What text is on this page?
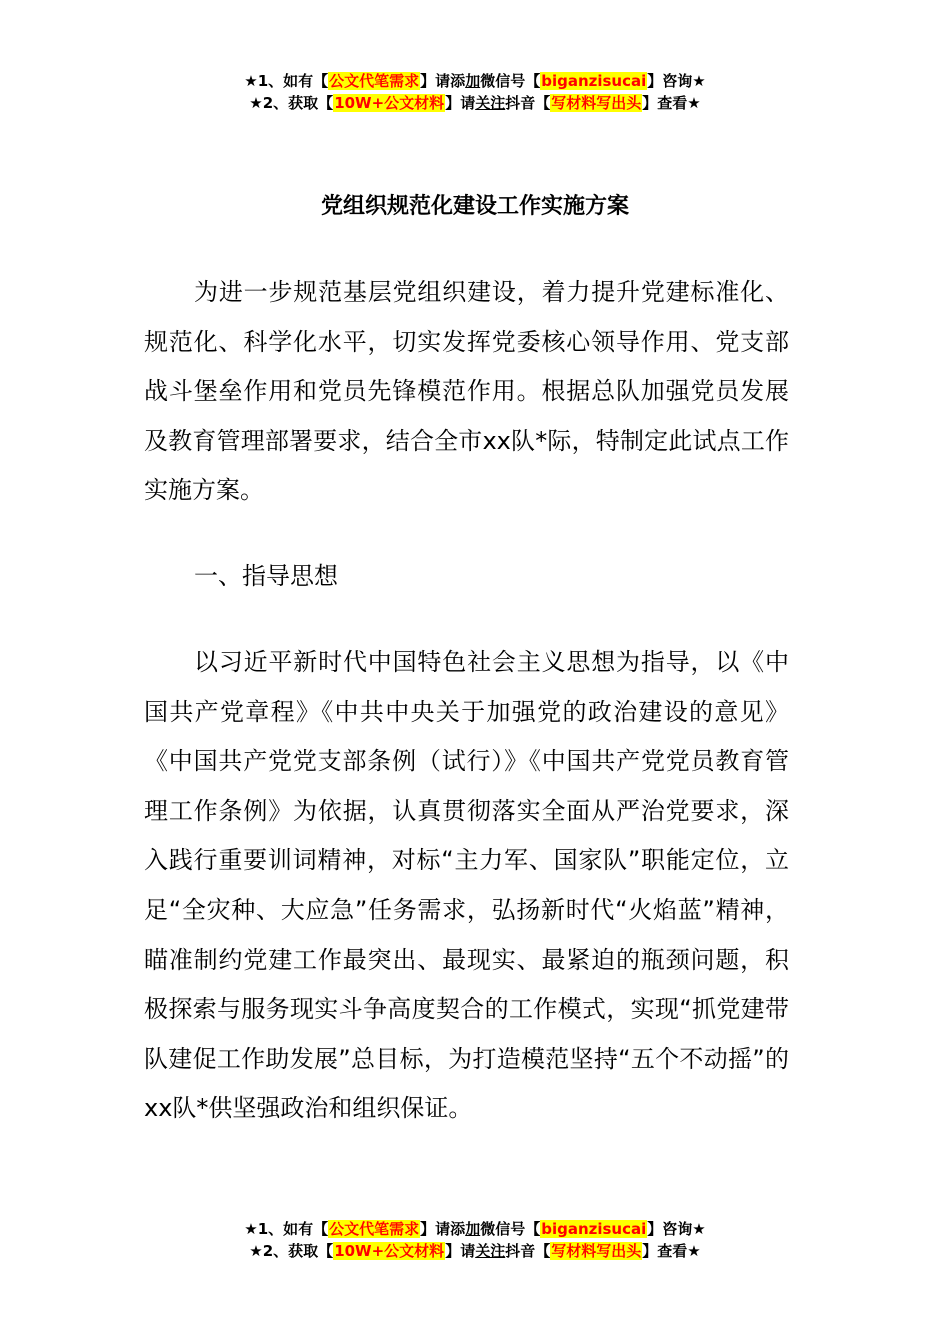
★1、如有【公文代笔需求】请添加微信号【biganzisucai】咨询★
★2、获取【10W+公文材料】请关注抖音【写材料写出头】查看★
党组织规范化建设工作实施方案
为进一步规范基层党组织建设，着力提升党建标准化、规范化、科学化水平，切实发挥党委核心领导作用、党支部战斗堡垒作用和党员先锋模范作用。根据总队加强党员发展及教育管理部署要求，结合全市xx队*际，特制定此试点工作实施方案。
一、指导思想
以习近平新时代中国特色社会主义思想为指导，以《中国共产党章程》《中共中央关于加强党的政治建设的意见》《中国共产党党支部条例（试行）》《中国共产党党员教育管理工作条例》为依据，认真贯彻落实全面从严治党要求，深入践行重要训词精神，对标“主力军、国家队”职能定位，立足“全灾种、大应急”任务需求，弘扬新时代“火焰蓝”精神，瞄准制约党建工作最突出、最现实、最紧迫的瓶颈问题，积极探索与服务现实斗争高度契合的工作模式，实现“抓党建带队建促工作助发展”总目标，为打造模范坚持“五个不动摇”的xx队*供坚强政治和组织保证。
★1、如有【公文代笔需求】请添加微信号【biganzisucai】咨询★
★2、获取【10W+公文材料】请关注抖音【写材料写出头】查看★
